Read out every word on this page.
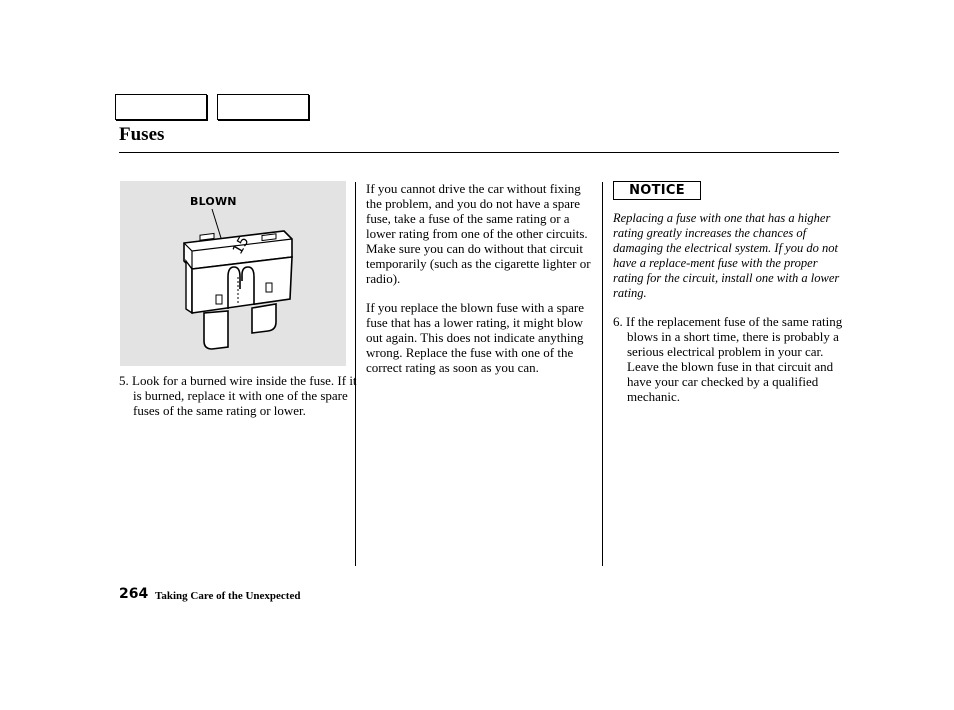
Fuses
15
BLOWN
5. Look for a burned wire inside the fuse. If it is burned, replace it with one of the spare fuses of the same rating or lower.
If you cannot drive the car without fixing the problem, and you do not have a spare fuse, take a fuse of the same rating or a lower rating from one of the other circuits. Make sure you can do without that circuit temporarily (such as the cigarette lighter or radio).
If you replace the blown fuse with a spare fuse that has a lower rating, it might blow out again. This does not indicate anything wrong. Replace the fuse with one of the correct rating as soon as you can.
NOTICE
Replacing a fuse with one that has a higher rating greatly increases the chances of damaging the electrical system. If you do not have a replace-ment fuse with the proper rating for the circuit, install one with a lower rating.
6. If the replacement fuse of the same rating blows in a short time, there is probably a serious electrical problem in your car. Leave the blown fuse in that circuit and have your car checked by a qualified mechanic.
264 Taking Care of the Unexpected
